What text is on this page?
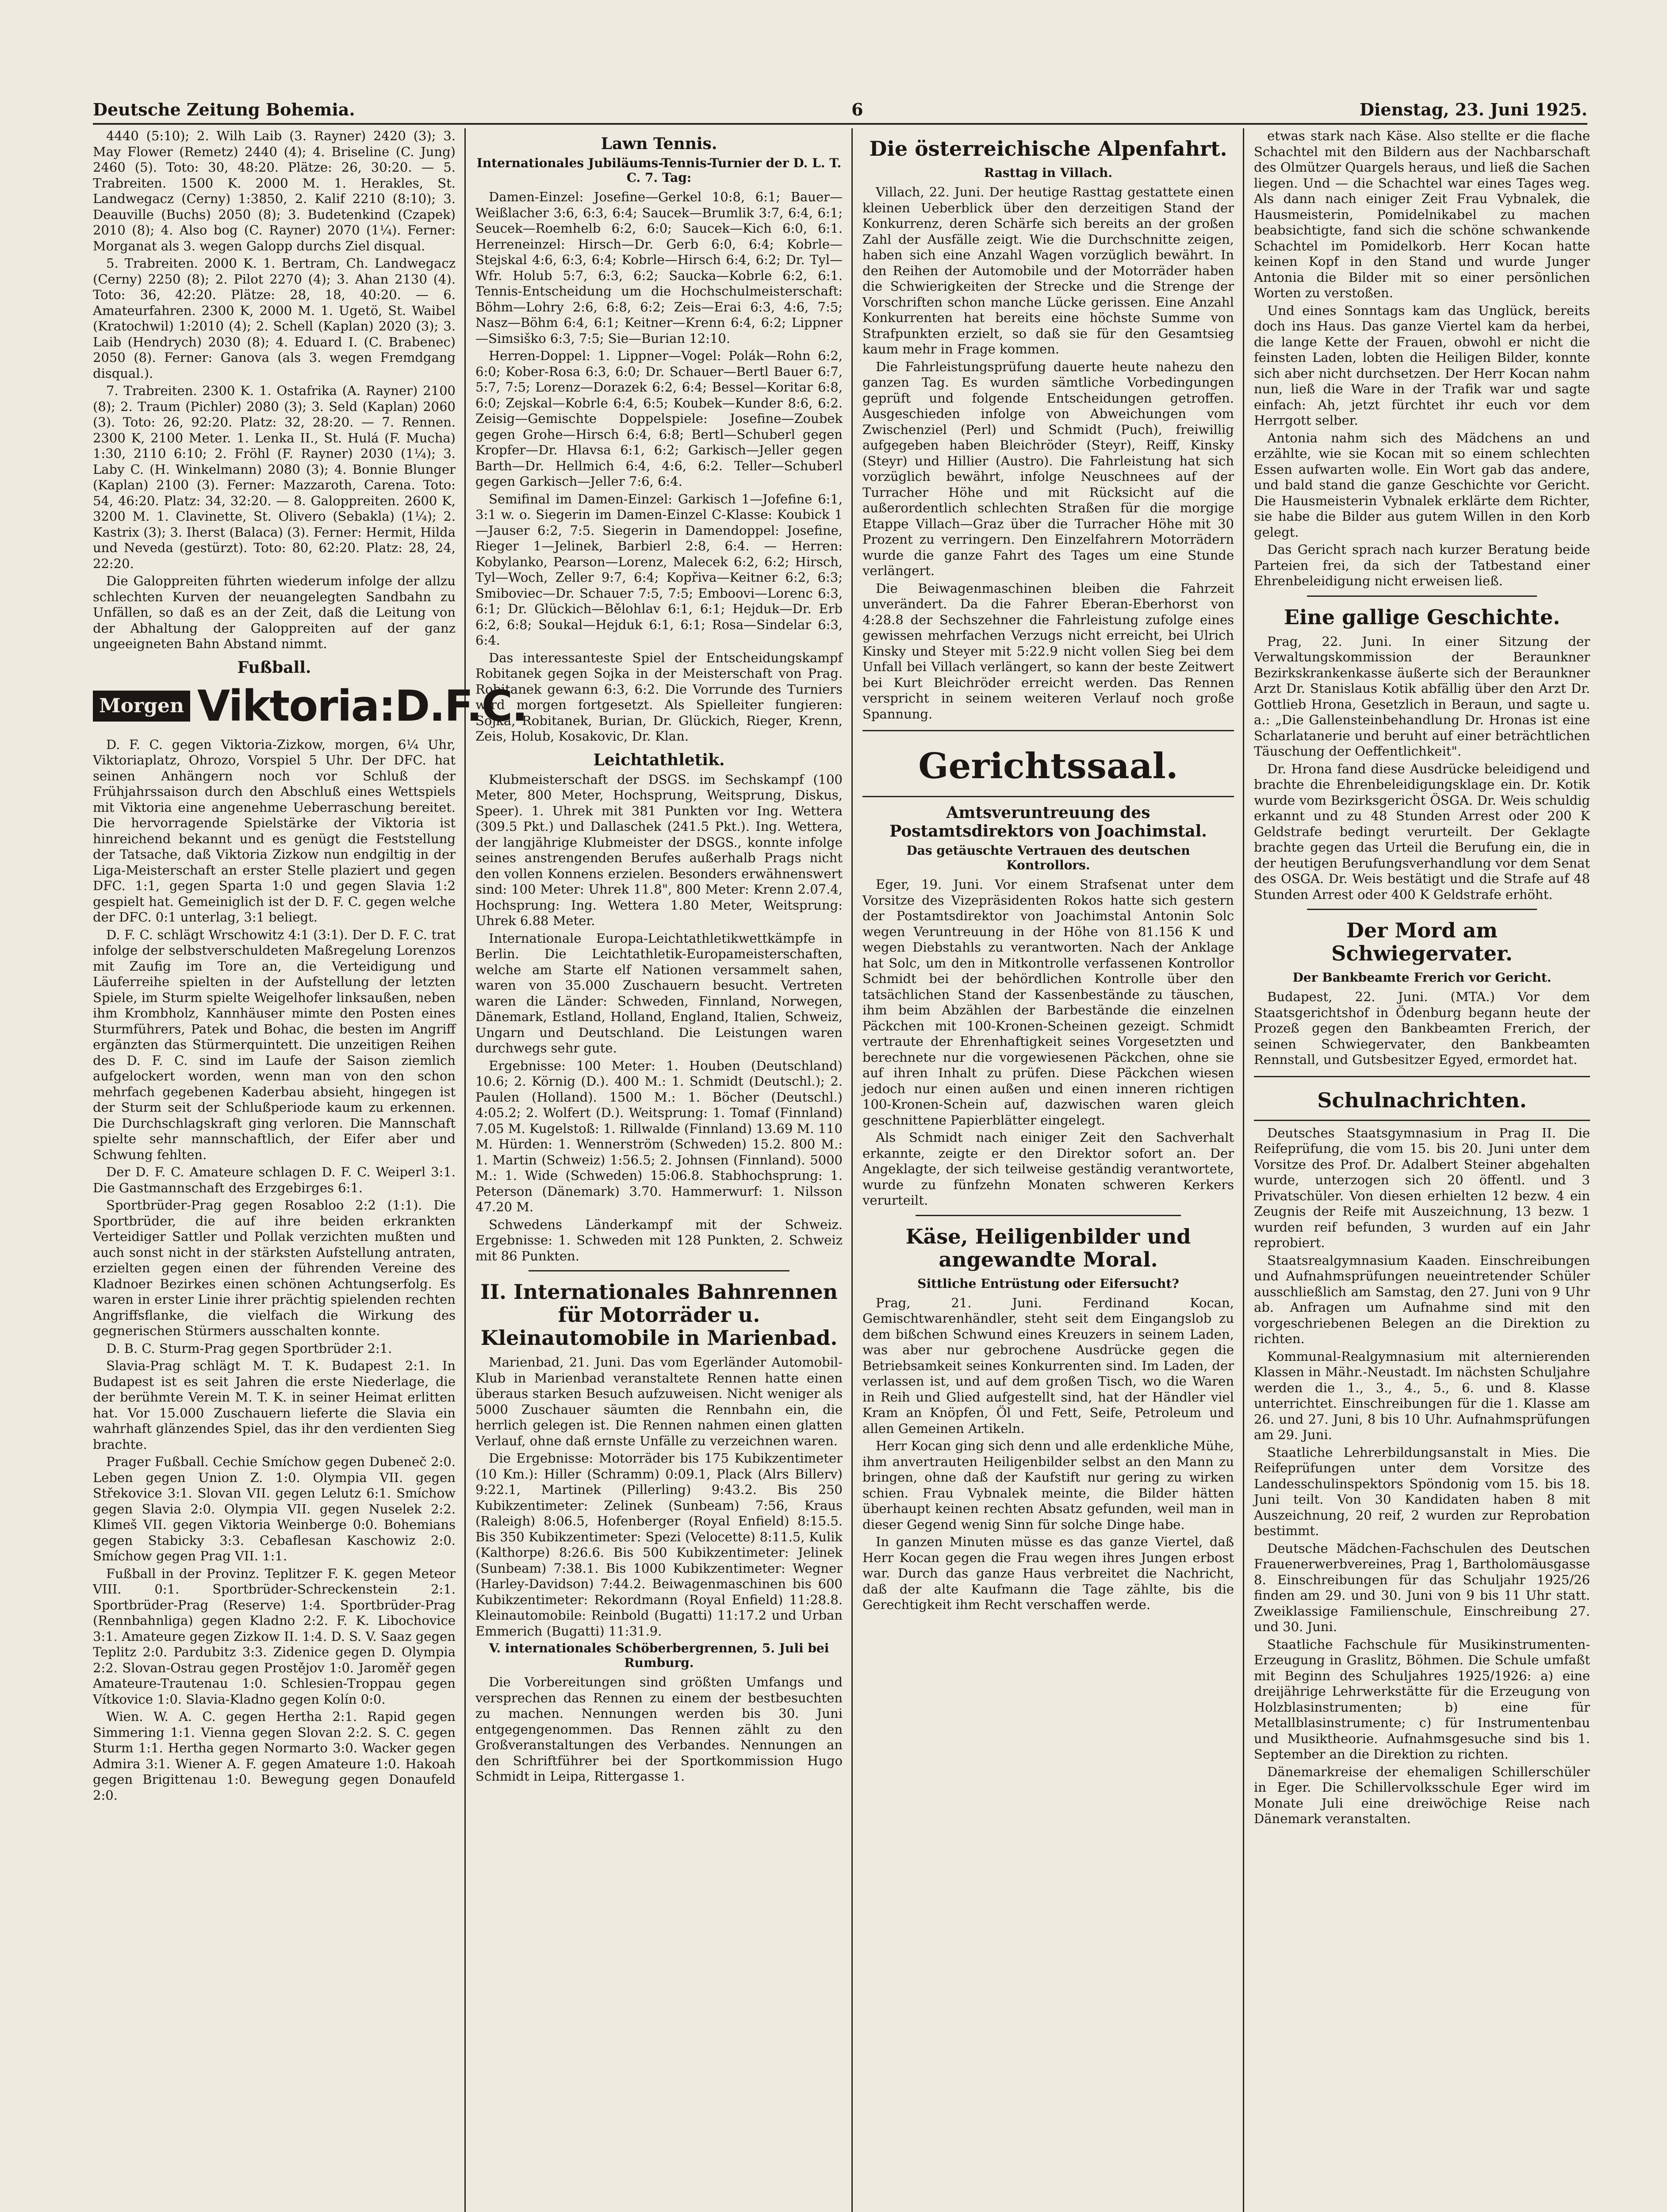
Deutsche Zeitung Bohemia.	6	Dienstag, 23. Juni 1925.

4440 (5:10); 2. Wilh Laib (3. Rayner) 2420 (3); 3. May Flower (Remetz) 2440 (4); 4. Briseline (C. Jung) 2460 (5). Toto: 30, 48:20. Plätze: 26, 30:20. — 5. Trabreiten. 1500 K. 2000 M. 1. Herakles, St. Landwegacz (Cerny) 1:3850, 2. Kalif 2210 (8:10); 3. Deauville (Buchs) 2050 (8); 3. Budetenkind (Czapek) 2010 (8); 4. Also bog (C. Rayner) 2070 (1¼). Ferner: Morganat als 3. wegen Galopp durchs Ziel disqual.

5. Trabreiten. 2000 K. 1. Bertram, Ch. Landwegacz (Cerny) 2250 (8); 2. Pilot 2270 (4); 3. Ahan 2130 (4). Toto: 36, 42:20. Plätze: 28, 18, 40:20. — 6. Amateurfahren. 2300 K, 2000 M. 1. Ugetö, St. Waibel (Kratochwil) 1:2010 (4); 2. Schell (Kaplan) 2020 (3); 3. Laib (Hendrych) 2030 (8); 4. Eduard I. (C. Brabenec) 2050 (8). Ferner: Ganova (als 3. wegen Fremdgang disqual.).

7. Trabreiten. 2300 K. 1. Ostafrika (A. Rayner) 2100 (8); 2. Traum (Pichler) 2080 (3); 3. Seld (Kaplan) 2060 (3). Toto: 26, 92:20. Platz: 32, 28:20. — 7. Rennen. 2300 K, 2100 Meter. 1. Lenka II., St. Hulá (F. Mucha) 1:30, 2110 6:10; 2. Fröhl (F. Rayner) 2030 (1¼); 3. Laby C. (H. Winkelmann) 2080 (3); 4. Bonnie Blunger (Kaplan) 2100 (3). Ferner: Mazzaroth, Carena. Toto: 54, 46:20. Platz: 34, 32:20. — 8. Galoppreiten. 2600 K, 3200 M. 1. Clavinette, St. Olivero (Sebakla) (1¼); 2. Kastrix (3); 3. Iherst (Balaca) (3). Ferner: Hermit, Hilda und Neveda (gestürzt). Toto: 80, 62:20. Platz: 28, 24, 22:20.

Die Galoppreiten führten wiederum infolge der allzu schlechten Kurven der neuangelegten Sandbahn zu Unfällen, so daß es an der Zeit, daß die Leitung von der Abhaltung der Galoppreiten auf der ganz ungeeigneten Bahn Abstand nimmt.

Fußball.
Morgen Viktoria:D.F.C.

D. F. C. gegen Viktoria-Zizkow, morgen, 6¼ Uhr, Viktoriaplatz, Ohrozo, Vorspiel 5 Uhr. Der DFC. hat seinen Anhängern noch vor Schluß der Frühjahrssaison durch den Abschluß eines Wettspiels mit Viktoria eine angenehme Ueberraschung bereitet. Die hervorragende Spielstärke der Viktoria ist hinreichend bekannt und es genügt die Feststellung der Tatsache, daß Viktoria Zizkow nun endgiltig in der Liga-Meisterschaft an erster Stelle plaziert und gegen DFC. 1:1, gegen Sparta 1:0 und gegen Slavia 1:2 gespielt hat. Gemeiniglich ist der D. F. C. gegen welche der DFC. 0:1 unterlag, 3:1 beliegt.

D. F. C. schlägt Wrschowitz 4:1 (3:1). Der D. F. C. trat infolge der selbstverschuldeten Maßregelung Lorenzos mit Zaufig im Tore an, die Verteidigung und Läuferreihe spielten in der Aufstellung der letzten Spiele, im Sturm spielte Weigelhofer linksaußen, neben ihm Krombholz, Kannhäuser mimte den Posten eines Sturmführers, Patek und Bohac, die besten im Angriff ergänzten das Stürmerquintett. Die unzeitigen Reihen des D. F. C. sind im Laufe der Saison ziemlich aufgelockert worden, wenn man von den schon mehrfach gegebenen Kaderbau absieht, hingegen ist der Sturm seit der Schlußperiode kaum zu erkennen. Die Durchschlagskraft ging verloren. Die Mannschaft spielte sehr mannschaftlich, der Eifer aber und Schwung fehlten.

Der D. F. C. Amateure schlagen D. F. C. Weiperl 3:1. Die Gastmannschaft des Erzgebirges 6:1.

Sportbrüder-Prag gegen Rosabloo 2:2 (1:1). Die Sportbrüder, die auf ihre beiden erkrankten Verteidiger Sattler und Pollak verzichten mußten und auch sonst nicht in der stärksten Aufstellung antraten, erzielten gegen einen der führenden Vereine des Kladnoer Bezirkes einen schönen Achtungserfolg. Es waren in erster Linie ihrer prächtig spielenden rechten Angriffsflanke, die vielfach die Wirkung des gegnerischen Stürmers ausschalten konnte.

D. B. C. Sturm-Prag gegen Sportbrüder 2:1.

Slavia-Prag schlägt M. T. K. Budapest 2:1. In Budapest ist es seit Jahren die erste Niederlage, die der berühmte Verein M. T. K. in seiner Heimat erlitten hat. Vor 15.000 Zuschauern lieferte die Slavia ein wahrhaft glänzendes Spiel, das ihr den verdienten Sieg brachte.

Prager Fußball. Cechie Smíchow gegen Dubeneč 2:0. Leben gegen Union Z. 1:0. Olympia VII. gegen Střekovice 3:1. Slovan VII. gegen Lelutz 6:1. Smíchow gegen Slavia 2:0. Olympia VII. gegen Nuselek 2:2. Klimeš VII. gegen Viktoria Weinberge 0:0. Bohemians gegen Stabicky 3:3. Cebaflesan Kaschowiz 2:0. Smíchow gegen Prag VII. 1:1.

Fußball in der Provinz. Teplitzer F. K. gegen Meteor VIII. 0:1. Sportbrüder-Schreckenstein 2:1. Sportbrüder-Prag (Reserve) 1:4. Sportbrüder-Prag (Rennbahnliga) gegen Kladno 2:2. F. K. Libochovice 3:1. Amateure gegen Zizkow II. 1:4. D. S. V. Saaz gegen Teplitz 2:0. Pardubitz 3:3. Zidenice gegen D. Olympia 2:2. Slovan-Ostrau gegen Prostějov 1:0. Jaroměř gegen Amateure-Trautenau 1:0. Schlesien-Troppau gegen Vítkovice 1:0. Slavia-Kladno gegen Kolín 0:0.

Wien. W. A. C. gegen Hertha 2:1. Rapid gegen Simmering 1:1. Vienna gegen Slovan 2:2. S. C. gegen Sturm 1:1. Hertha gegen Normarto 3:0. Wacker gegen Admira 3:1. Wiener A. F. gegen Amateure 1:0. Hakoah gegen Brigittenau 1:0. Bewegung gegen Donaufeld 2:0.

Lawn Tennis.
Internationales Jubiläums-Tennis-Turnier der D. L. T. C. 7. Tag:

Damen-Einzel: Josefine—Gerkel 10:8, 6:1; Bauer—Weißlacher 3:6, 6:3, 6:4; Saucek—Brumlik 3:7, 6:4, 6:1; Seucek—Roemhelb 6:2, 6:0; Saucek—Kich 6:0, 6:1. Herreneinzel: Hirsch—Dr. Gerb 6:0, 6:4; Kobrle—Stejskal 4:6, 6:3, 6:4; Kobrle—Hirsch 6:4, 6:2; Dr. Tyl—Wfr. Holub 5:7, 6:3, 6:2; Saucka—Kobrle 6:2, 6:1. Tennis-Entscheidung um die Hochschulmeisterschaft: Böhm—Lohry 2:6, 6:8, 6:2; Zeis—Erai 6:3, 4:6, 7:5; Nasz—Böhm 6:4, 6:1; Keitner—Krenn 6:4, 6:2; Lippner—Simsiško 6:3, 7:5; Sie—Burian 12:10.

Herren-Doppel: 1. Lippner—Vogel: Polák—Rohn 6:2, 6:0; Kober-Rosa 6:3, 6:0; Dr. Schauer—Bertl Bauer 6:7, 5:7, 7:5; Lorenz—Dorazek 6:2, 6:4; Bessel—Koritar 6:8, 6:0; Zejskal—Kobrle 6:4, 6:5; Koubek—Kunder 8:6, 6:2. Zeisig—Gemischte Doppelspiele: Josefine—Zoubek gegen Grohe—Hirsch 6:4, 6:8; Bertl—Schuberl gegen Kropfer—Dr. Hlavsa 6:1, 6:2; Garkisch—Jeller gegen Barth—Dr. Hellmich 6:4, 4:6, 6:2. Teller—Schuberl gegen Garkisch—Jeller 7:6, 6:4.

Semifinal im Damen-Einzel: Garkisch 1—Jofefine 6:1, 3:1 w. o. Siegerin im Damen-Einzel C-Klasse: Koubick 1—Jauser 6:2, 7:5. Siegerin in Damendoppel: Josefine, Rieger 1—Jelinek, Barbierl 2:8, 6:4. — Herren: Kobylanko, Pearson—Lorenz, Malecek 6:2, 6:2; Hirsch, Tyl—Woch, Zeller 9:7, 6:4; Kopřiva—Keitner 6:2, 6:3; Smiboviec—Dr. Schauer 7:5, 7:5; Emboovi—Lorenc 6:3, 6:1; Dr. Glückich—Bělohlav 6:1, 6:1; Hejduk—Dr. Erb 6:2, 6:8; Soukal—Hejduk 6:1, 6:1; Rosa—Sindelar 6:3, 6:4.

Das interessanteste Spiel der Entscheidungskampf Robitanek gegen Sojka in der Meisterschaft von Prag. Robitanek gewann 6:3, 6:2. Die Vorrunde des Turniers wird morgen fortgesetzt. Als Spielleiter fungieren: Sojka, Robitanek, Burian, Dr. Glückich, Rieger, Krenn, Zeis, Holub, Kosakovic, Dr. Klan.

Leichtathletik.

Klubmeisterschaft der DSGS. im Sechskampf (100 Meter, 800 Meter, Hochsprung, Weitsprung, Diskus, Speer). 1. Uhrek mit 381 Punkten vor Ing. Wettera (309.5 Pkt.) und Dallaschek (241.5 Pkt.). Ing. Wettera, der langjährige Klubmeister der DSGS., konnte infolge seines anstrengenden Berufes außerhalb Prags nicht den vollen Konnens erzielen. Besonders erwähnenswert sind: 100 Meter: Uhrek 11.8", 800 Meter: Krenn 2.07.4, Hochsprung: Ing. Wettera 1.80 Meter, Weitsprung: Uhrek 6.88 Meter.

Internationale Europa-Leichtathletikwettkämpfe in Berlin. Die Leichtathletik-Europameisterschaften, welche am Starte elf Nationen versammelt sahen, waren von 35.000 Zuschauern besucht. Vertreten waren die Länder: Schweden, Finnland, Norwegen, Dänemark, Estland, Holland, England, Italien, Schweiz, Ungarn und Deutschland. Die Leistungen waren durchwegs sehr gute.

Ergebnisse: 100 Meter: 1. Houben (Deutschland) 10.6; 2. Körnig (D.). 400 M.: 1. Schmidt (Deutschl.); 2. Paulen (Holland). 1500 M.: 1. Böcher (Deutschl.) 4:05.2; 2. Wolfert (D.). Weitsprung: 1. Tomaf (Finnland) 7.05 M. Kugelstoß: 1. Rillwalde (Finnland) 13.69 M. 110 M. Hürden: 1. Wennerström (Schweden) 15.2. 800 M.: 1. Martin (Schweiz) 1:56.5; 2. Johnsen (Finnland). 5000 M.: 1. Wide (Schweden) 15:06.8. Stabhochsprung: 1. Peterson (Dänemark) 3.70. Hammerwurf: 1. Nilsson 47.20 M.

Schwedens Länderkampf mit der Schweiz. Ergebnisse: 1. Schweden mit 128 Punkten, 2. Schweiz mit 86 Punkten.

II. Internationales Bahnrennen für Motorräder u. Kleinautomobile in Marienbad.

Marienbad, 21. Juni. Das vom Egerländer Automobil-Klub in Marienbad veranstaltete Rennen hatte einen überaus starken Besuch aufzuweisen. Nicht weniger als 5000 Zuschauer säumten die Rennbahn ein, die herrlich gelegen ist. Die Rennen nahmen einen glatten Verlauf, ohne daß ernste Unfälle zu verzeichnen waren.

Die Ergebnisse: Motorräder bis 175 Kubikzentimeter (10 Km.): Hiller (Schramm) 0:09.1, Plack (Alrs Billerv) 9:22.1, Martinek (Pillerling) 9:43.2. Bis 250 Kubikzentimeter: Zelinek (Sunbeam) 7:56, Kraus (Raleigh) 8:06.5, Hofenberger (Royal Enfield) 8:15.5. Bis 350 Kubikzentimeter: Spezi (Velocette) 8:11.5, Kulik (Kalthorpe) 8:26.6. Bis 500 Kubikzentimeter: Jelinek (Sunbeam) 7:38.1. Bis 1000 Kubikzentimeter: Wegner (Harley-Davidson) 7:44.2. Beiwagenmaschinen bis 600 Kubikzentimeter: Rekordmann (Royal Enfield) 11:28.8. Kleinautomobile: Reinbold (Bugatti) 11:17.2 und Urban Emmerich (Bugatti) 11:31.9.

V. internationales Schöberbergrennen, 5. Juli bei Rumburg.

Die Vorbereitungen sind größten Umfangs und versprechen das Rennen zu einem der bestbesuchten zu machen. Nennungen werden bis 30. Juni entgegengenommen. Das Rennen zählt zu den Großveranstaltungen des Verbandes. Nennungen an den Schriftführer bei der Sportkommission Hugo Schmidt in Leipa, Rittergasse 1.

Die österreichische Alpenfahrt.
Rasttag in Villach.

Villach, 22. Juni. Der heutige Rasttag gestattete einen kleinen Ueberblick über den derzeitigen Stand der Konkurrenz, deren Schärfe sich bereits an der großen Zahl der Ausfälle zeigt. Wie die Durchschnitte zeigen, haben sich eine Anzahl Wagen vorzüglich bewährt. In den Reihen der Automobile und der Motorräder haben die Schwierigkeiten der Strecke und die Strenge der Vorschriften schon manche Lücke gerissen. Eine Anzahl Konkurrenten hat bereits eine höchste Summe von Strafpunkten erzielt, so daß sie für den Gesamtsieg kaum mehr in Frage kommen.

Die Fahrleistungsprüfung dauerte heute nahezu den ganzen Tag. Es wurden sämtliche Vorbedingungen geprüft und folgende Entscheidungen getroffen. Ausgeschieden infolge von Abweichungen vom Zwischenziel (Perl) und Schmidt (Puch), freiwillig aufgegeben haben Bleichröder (Steyr), Reiff, Kinsky (Steyr) und Hillier (Austro). Die Fahrleistung hat sich vorzüglich bewährt, infolge Neuschnees auf der Turracher Höhe und mit Rücksicht auf die außerordentlich schlechten Straßen für die morgige Etappe Villach—Graz über die Turracher Höhe mit 30 Prozent zu verringern. Den Einzelfahrern Motorrädern wurde die ganze Fahrt des Tages um eine Stunde verlängert.

Die Beiwagenmaschinen bleiben die Fahrzeit unverändert. Da die Fahrer Eberan-Eberhorst von 4:28.8 der Sechszehner die Fahrleistung zufolge eines gewissen mehrfachen Verzugs nicht erreicht, bei Ulrich Kinsky und Steyer mit 5:22.9 nicht vollen Sieg bei dem Unfall bei Villach verlängert, so kann der beste Zeitwert bei Kurt Bleichröder erreicht werden. Das Rennen verspricht in seinem weiteren Verlauf noch große Spannung.

Gerichtssaal.
Amtsveruntreuung des Postamtsdirektors von Joachimstal.
Das getäuschte Vertrauen des deutschen Kontrollors.

Eger, 19. Juni. Vor einem Strafsenat unter dem Vorsitze des Vizepräsidenten Rokos hatte sich gestern der Postamtsdirektor von Joachimstal Antonin Solc wegen Veruntreuung in der Höhe von 81.156 K und wegen Diebstahls zu verantworten. Nach der Anklage hat Solc, um den in Mitkontrolle verfassenen Kontrollor Schmidt bei der behördlichen Kontrolle über den tatsächlichen Stand der Kassenbestände zu täuschen, ihm beim Abzählen der Barbestände die einzelnen Päckchen mit 100-Kronen-Scheinen gezeigt. Schmidt vertraute der Ehrenhaftigkeit seines Vorgesetzten und berechnete nur die vorgewiesenen Päckchen, ohne sie auf ihren Inhalt zu prüfen. Diese Päckchen wiesen jedoch nur einen außen und einen inneren richtigen 100-Kronen-Schein auf, dazwischen waren gleich geschnittene Papierblätter eingelegt.

Als Schmidt nach einiger Zeit den Sachverhalt erkannte, zeigte er den Direktor sofort an. Der Angeklagte, der sich teilweise geständig verantwortete, wurde zu fünfzehn Monaten schweren Kerkers verurteilt.

Käse, Heiligenbilder und angewandte Moral.
Sittliche Entrüstung oder Eifersucht?

Prag, 21. Juni. Ferdinand Kocan, Gemischtwarenhändler, steht seit dem Eingangslob zu dem bißchen Schwund eines Kreuzers in seinem Laden, was aber nur gebrochene Ausdrücke gegen die Betriebsamkeit seines Konkurrenten sind. Im Laden, der verlassen ist, und auf dem großen Tisch, wo die Waren in Reih und Glied aufgestellt sind, hat der Händler viel Kram an Knöpfen, Öl und Fett, Seife, Petroleum und allen Gemeinen Artikeln.

Herr Kocan ging sich denn und alle erdenkliche Mühe, ihm anvertrauten Heiligenbilder selbst an den Mann zu bringen, ohne daß der Kaufstift nur gering zu wirken schien. Frau Vybnalek meinte, die Bilder hätten überhaupt keinen rechten Absatz gefunden, weil man in dieser Gegend wenig Sinn für solche Dinge habe.

In ganzen Minuten müsse es das ganze Viertel, daß Herr Kocan gegen die Frau wegen ihres Jungen erbost war. Durch das ganze Haus verbreitet die Nachricht, daß der alte Kaufmann die Tage zählte, bis die Gerechtigkeit ihm Recht verschaffen werde.

etwas stark nach Käse. Also stellte er die flache Schachtel mit den Bildern aus der Nachbarschaft des Olmützer Quargels heraus, und ließ die Sachen liegen. Und — die Schachtel war eines Tages weg. Als dann nach einiger Zeit Frau Vybnalek, die Hausmeisterin, Pomidelnikabel zu machen beabsichtigte, fand sich die schöne schwankende Schachtel im Pomidelkorb. Herr Kocan hatte keinen Kopf in den Stand und wurde Junger Antonia die Bilder mit so einer persönlichen Worten zu verstoßen.

Und eines Sonntags kam das Unglück, bereits doch ins Haus. Das ganze Viertel kam da herbei, die lange Kette der Frauen, obwohl er nicht die feinsten Laden, lobten die Heiligen Bilder, konnte sich aber nicht durchsetzen. Der Herr Kocan nahm nun, ließ die Ware in der Trafik war und sagte einfach: Ah, jetzt fürchtet ihr euch vor dem Herrgott selber.

Antonia nahm sich des Mädchens an und erzählte, wie sie Kocan mit so einem schlechten Essen aufwarten wolle. Ein Wort gab das andere, und bald stand die ganze Geschichte vor Gericht. Die Hausmeisterin Vybnalek erklärte dem Richter, sie habe die Bilder aus gutem Willen in den Korb gelegt.

Das Gericht sprach nach kurzer Beratung beide Parteien frei, da sich der Tatbestand einer Ehrenbeleidigung nicht erweisen ließ.

Eine gallige Geschichte.

Prag, 22. Juni. In einer Sitzung der Verwaltungskommission der Beraunkner Bezirkskrankenkasse äußerte sich der Beraunkner Arzt Dr. Stanislaus Kotik abfällig über den Arzt Dr. Gottlieb Hrona, Gesetzlich in Beraun, und sagte u. a.: „Die Gallensteinbehandlung Dr. Hronas ist eine Scharlatanerie und beruht auf einer beträchtlichen Täuschung der Oeffentlichkeit".

Dr. Hrona fand diese Ausdrücke beleidigend und brachte die Ehrenbeleidigungsklage ein. Dr. Kotik wurde vom Bezirksgericht ÖSGA. Dr. Weis schuldig erkannt und zu 48 Stunden Arrest oder 200 K Geldstrafe bedingt verurteilt. Der Geklagte brachte gegen das Urteil die Berufung ein, die in der heutigen Berufungsverhandlung vor dem Senat des OSGA. Dr. Weis bestätigt und die Strafe auf 48 Stunden Arrest oder 400 K Geldstrafe erhöht.

Der Mord am Schwiegervater.
Der Bankbeamte Frerich vor Gericht.

Budapest, 22. Juni. (MTA.) Vor dem Staatsgerichtshof in Ödenburg begann heute der Prozeß gegen den Bankbeamten Frerich, der seinen Schwiegervater, den Bankbeamten Rennstall, und Gutsbesitzer Egyed, ermordet hat.

Schulnachrichten.

Deutsches Staatsgymnasium in Prag II. Die Reifeprüfung, die vom 15. bis 20. Juni unter dem Vorsitze des Prof. Dr. Adalbert Steiner abgehalten wurde, unterzogen sich 20 öffentl. und 3 Privatschüler. Von diesen erhielten 12 bezw. 4 ein Zeugnis der Reife mit Auszeichnung, 13 bezw. 1 wurden reif befunden, 3 wurden auf ein Jahr reprobiert.

Staatsrealgymnasium Kaaden. Einschreibungen und Aufnahmsprüfungen neueintretender Schüler ausschließlich am Samstag, den 27. Juni von 9 Uhr ab. Anfragen um Aufnahme sind mit den vorgeschriebenen Belegen an die Direktion zu richten.

Kommunal-Realgymnasium mit alternierenden Klassen in Mähr.-Neustadt. Im nächsten Schuljahre werden die 1., 3., 4., 5., 6. und 8. Klasse unterrichtet. Einschreibungen für die 1. Klasse am 26. und 27. Juni, 8 bis 10 Uhr. Aufnahmsprüfungen am 29. Juni.

Staatliche Lehrerbildungsanstalt in Mies. Die Reifeprüfungen unter dem Vorsitze des Landesschulinspektors Spöndonig vom 15. bis 18. Juni teilt. Von 30 Kandidaten haben 8 mit Auszeichnung, 20 reif, 2 wurden zur Reprobation bestimmt.

Deutsche Mädchen-Fachschulen des Deutschen Frauenerwerbvereines, Prag 1, Bartholomäusgasse 8. Einschreibungen für das Schuljahr 1925/26 finden am 29. und 30. Juni von 9 bis 11 Uhr statt. Zweiklassige Familienschule, Einschreibung 27. und 30. Juni.

Staatliche Fachschule für Musikinstrumenten-Erzeugung in Graslitz, Böhmen. Die Schule umfaßt mit Beginn des Schuljahres 1925/1926: a) eine dreijährige Lehrwerkstätte für die Erzeugung von Holzblasinstrumenten; b) eine für Metallblasinstrumente; c) für Instrumentenbau und Musiktheorie. Aufnahmsgesuche sind bis 1. September an die Direktion zu richten.

Dänemarkreise der ehemaligen Schillerschüler in Eger. Die Schillervolksschule Eger wird im Monate Juli eine dreiwöchige Reise nach Dänemark veranstalten.
